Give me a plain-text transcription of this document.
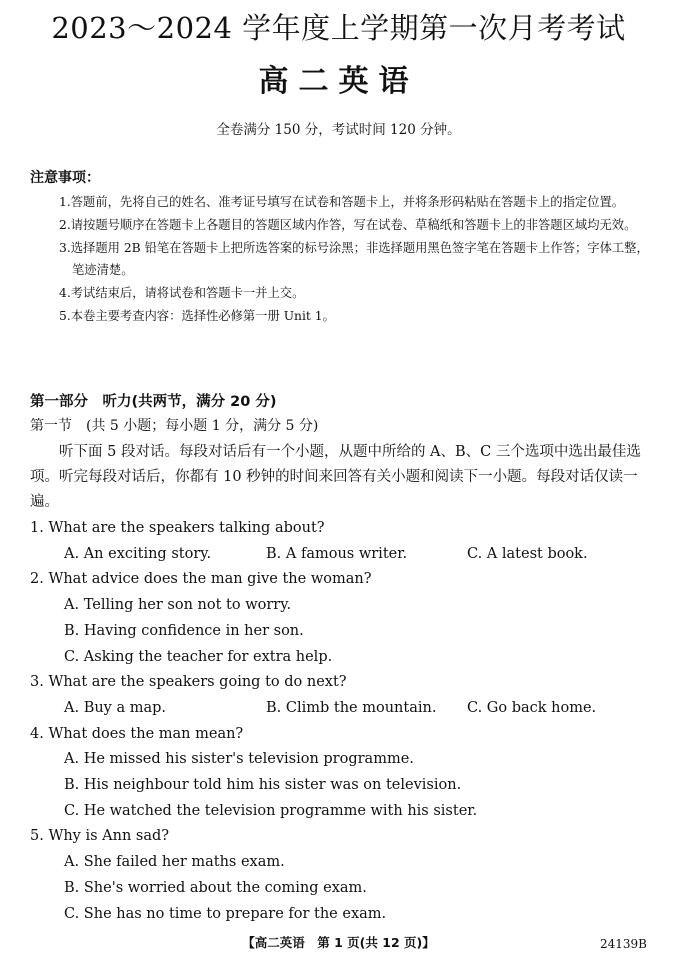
2023～2024 学年度上学期第一次月考考试
高二英语
全卷满分 150 分，考试时间 120 分钟。
注意事项：
1.答题前，先将自己的姓名、准考证号填写在试卷和答题卡上，并将条形码粘贴在答题卡上的指定位置。
2.请按题号顺序在答题卡上各题目的答题区域内作答，写在试卷、草稿纸和答题卡上的非答题区域均无效。
3.选择题用 2B 铅笔在答题卡上把所选答案的标号涂黑；非选择题用黑色签字笔在答题卡上作答；字体工整，笔迹清楚。
4.考试结束后，请将试卷和答题卡一并上交。
5.本卷主要考查内容：选择性必修第一册 Unit 1。
第一部分　听力(共两节，满分 20 分)
第一节　(共 5 小题；每小题 1 分，满分 5 分)

听下面 5 段对话。每段对话后有一个小题，从题中所给的 A、B、C 三个选项中选出最佳选项。听完每段对话后，你都有 10 秒钟的时间来回答有关小题和阅读下一小题。每段对话仅读一遍。

1. What are the speakers talking about?
A. An exciting story.	B. A famous writer.	C. A latest book.
2. What advice does the man give the woman?
A. Telling her son not to worry.
B. Having confidence in her son.
C. Asking the teacher for extra help.
3. What are the speakers going to do next?
A. Buy a map.	B. Climb the mountain. C. Go back home.
4. What does the man mean?
A. He missed his sister's television programme.
B. His neighbour told him his sister was on television.
C. He watched the television programme with his sister.
5. Why is Ann sad?
A. She failed her maths exam.
B. She's worried about the coming exam.
C. She has no time to prepare for the exam.
【高二英语　第 1 页(共 12 页)】	24139B
